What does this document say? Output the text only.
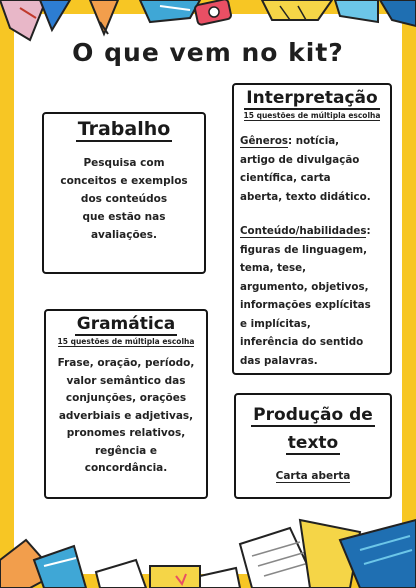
O que vem no kit?

Trabalho

Pesquisa com

conceitos e exemplos

dos conteúdos

que estão nas

avaliações.

Gramática

15 questões de múltipla escolha

Frase, oração, período,

valor semântico das

conjunções, orações

adverbiais e adjetivas,

pronomes relativos,

regência e

concordância.

Interpretação

15 questões de múltipla escolha

Gêneros: notícia,
artigo de divulgação
científica, carta
aberta, texto didático.
Conteúdo/habilidades:
figuras de linguagem,
tema, tese,
argumento, objetivos,
informações explícitas
e implícitas,
inferência do sentido
das palavras.

Produção de
texto

Carta aberta
